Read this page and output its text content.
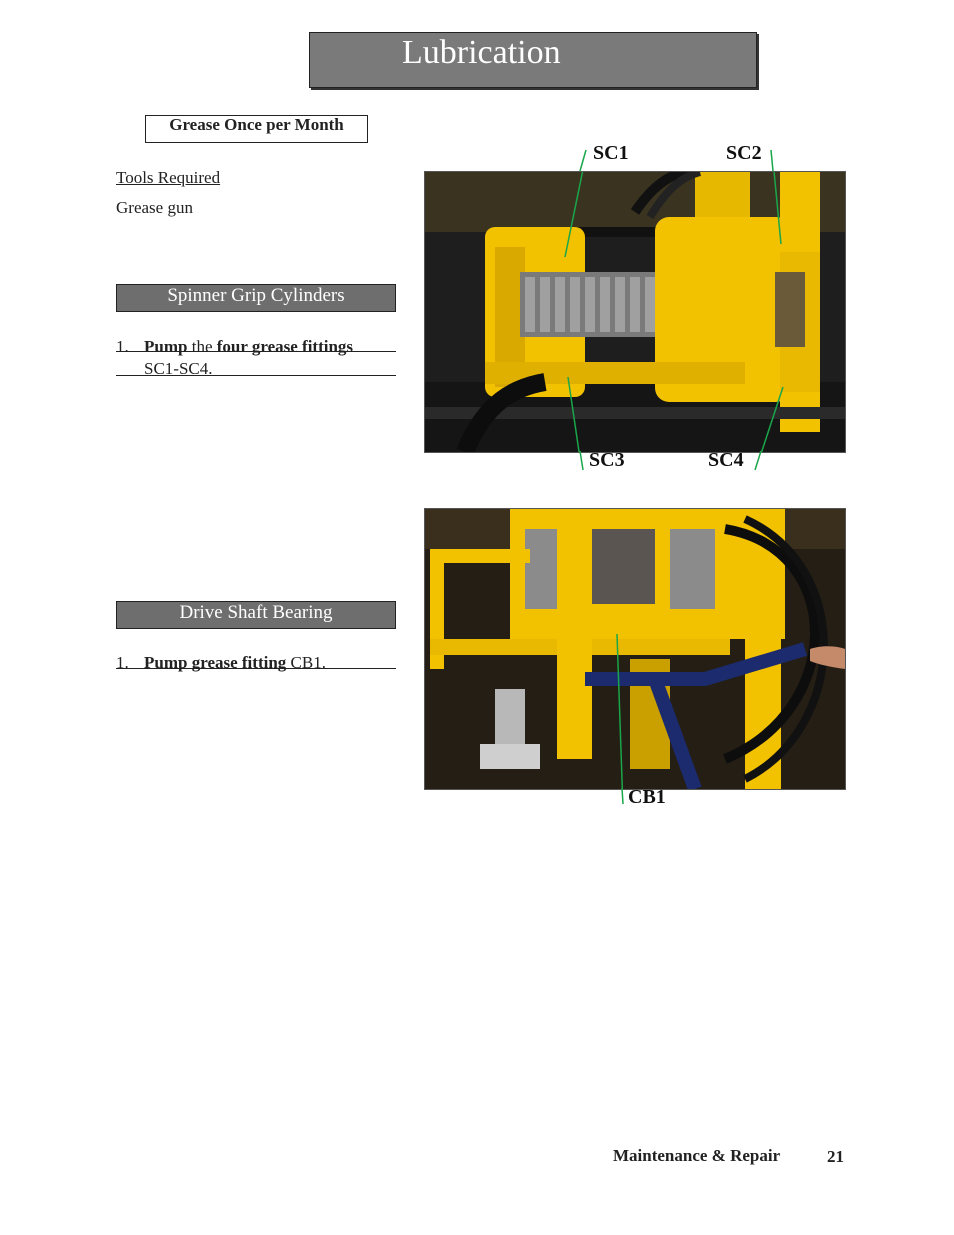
Lubrication
Grease Once per Month
Tools Required
Grease gun
Spinner Grip Cylinders
1. Pump the four grease fittings
SC1-SC4.
Drive Shaft Bearing
1. Pump grease fitting CB1.
SC1	SC2
SC3	SC4
CB1
Maintenance & Repair	21
